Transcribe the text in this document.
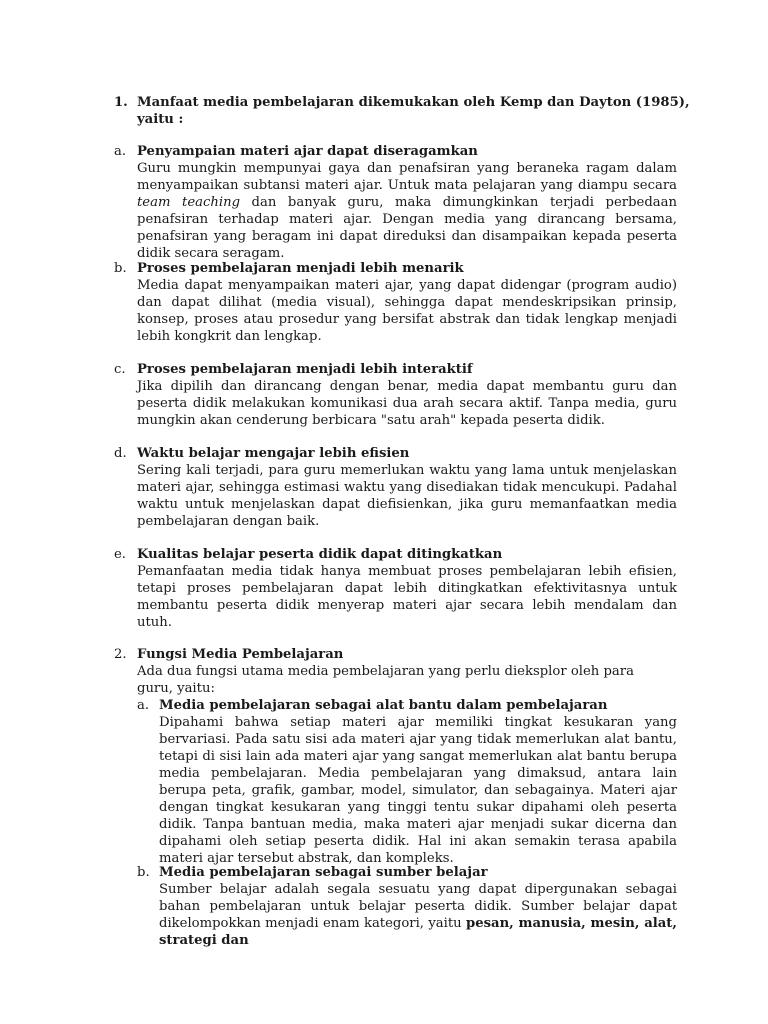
1. Manfaat media pembelajaran dikemukakan oleh Kemp dan Dayton (1985),
yaitu :
a. Penyampaian materi ajar dapat diseragamkan
Guru mungkin mempunyai gaya dan penafsiran yang beraneka ragam dalam menyampaikan subtansi materi ajar. Untuk mata pelajaran yang diampu secara team teaching dan banyak guru, maka dimungkinkan terjadi perbedaan penafsiran terhadap materi ajar. Dengan media yang dirancang bersama, penafsiran yang beragam ini dapat direduksi dan disampaikan kepada peserta didik secara seragam.
b. Proses pembelajaran menjadi lebih menarik
Media dapat menyampaikan materi ajar, yang dapat didengar (program audio) dan dapat dilihat (media visual), sehingga dapat mendeskripsikan prinsip, konsep, proses atau prosedur yang bersifat abstrak dan tidak lengkap menjadi lebih kongkrit dan lengkap.
c. Proses pembelajaran menjadi lebih interaktif
Jika dipilih dan dirancang dengan benar, media dapat membantu guru dan peserta didik melakukan komunikasi dua arah secara aktif. Tanpa media, guru mungkin akan cenderung berbicara "satu arah" kepada peserta didik.
d. Waktu belajar mengajar lebih efisien
Sering kali terjadi, para guru memerlukan waktu yang lama untuk menjelaskan materi ajar, sehingga estimasi waktu yang disediakan tidak mencukupi. Padahal waktu untuk menjelaskan dapat diefisienkan, jika guru memanfaatkan media pembelajaran dengan baik.
e. Kualitas belajar peserta didik dapat ditingkatkan
Pemanfaatan media tidak hanya membuat proses pembelajaran lebih efisien, tetapi proses pembelajaran dapat lebih ditingkatkan efektivitasnya untuk membantu peserta didik menyerap materi ajar secara lebih mendalam dan utuh.
2. Fungsi Media Pembelajaran
Ada dua fungsi utama media pembelajaran yang perlu dieksplor oleh para guru, yaitu:
a. Media pembelajaran sebagai alat bantu dalam pembelajaran
Dipahami bahwa setiap materi ajar memiliki tingkat kesukaran yang bervariasi. Pada satu sisi ada materi ajar yang tidak memerlukan alat bantu, tetapi di sisi lain ada materi ajar yang sangat memerlukan alat bantu berupa media pembelajaran. Media pembelajaran yang dimaksud, antara lain berupa peta, grafik, gambar, model, simulator, dan sebagainya. Materi ajar dengan tingkat kesukaran yang tinggi tentu sukar dipahami oleh peserta didik. Tanpa bantuan media, maka materi ajar menjadi sukar dicerna dan dipahami oleh setiap peserta didik. Hal ini akan semakin terasa apabila materi ajar tersebut abstrak, dan kompleks.
b. Media pembelajaran sebagai sumber belajar
Sumber belajar adalah segala sesuatu yang dapat dipergunakan sebagai bahan pembelajaran untuk belajar peserta didik. Sumber belajar dapat dikelompokkan menjadi enam kategori, yaitu pesan, manusia, mesin, alat, strategi dan
